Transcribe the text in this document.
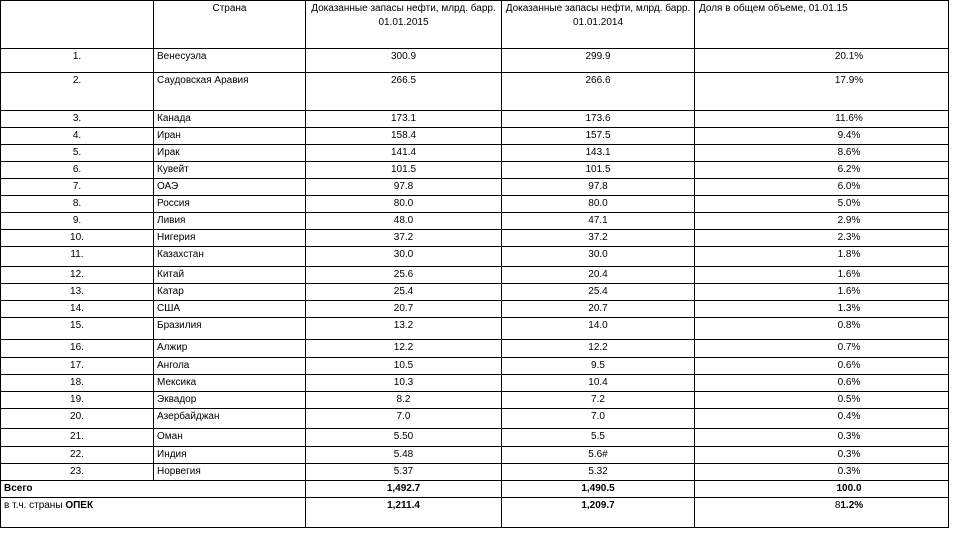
	Страна	Доказанные запасы нефти, млрд. барр. 01.01.2015	Доказанные запасы нефти, млрд. барр. 01.01.2014	Доля в общем объеме, 01.01.15
1.	Венесуэла	300.9	299.9	20.1%
2.	Саудовская Аравия	266.5	266.6	17.9%
3.	Канада	173.1	173.6	11.6%
4.	Иран	158.4	157.5	9.4%
5.	Ирак	141.4	143.1	8.6%
6.	Кувейт	101.5	101.5	6.2%
7.	ОАЭ	97.8	97.8	6.0%
8.	Россия	80.0	80.0	5.0%
9.	Ливия	48.0	47.1	2.9%
10.	Нигерия	37.2	37.2	2.3%
11.	Казахстан	30.0	30.0	1.8%
12.	Китай	25.6	20.4	1.6%
13.	Катар	25.4	25.4	1.6%
14.	США	20.7	20.7	1.3%
15.	Бразилия	13.2	14.0	0.8%
16.	Алжир	12.2	12.2	0.7%
17.	Ангола	10.5	9.5	0.6%
18.	Мексика	10.3	10.4	0.6%
19.	Эквадор	8.2	7.2	0.5%
20.	Азербайджан	7.0	7.0	0.4%
21.	Оман	5.50	5.5	0.3%
22.	Индия	5.48	5.6#	0.3%
23.	Норвегия	5.37	5.32	0.3%
Всего		1,492.7	1,490.5	100.0
в т.ч. страны ОПЕК		1,211.4	1,209.7	81.2%
